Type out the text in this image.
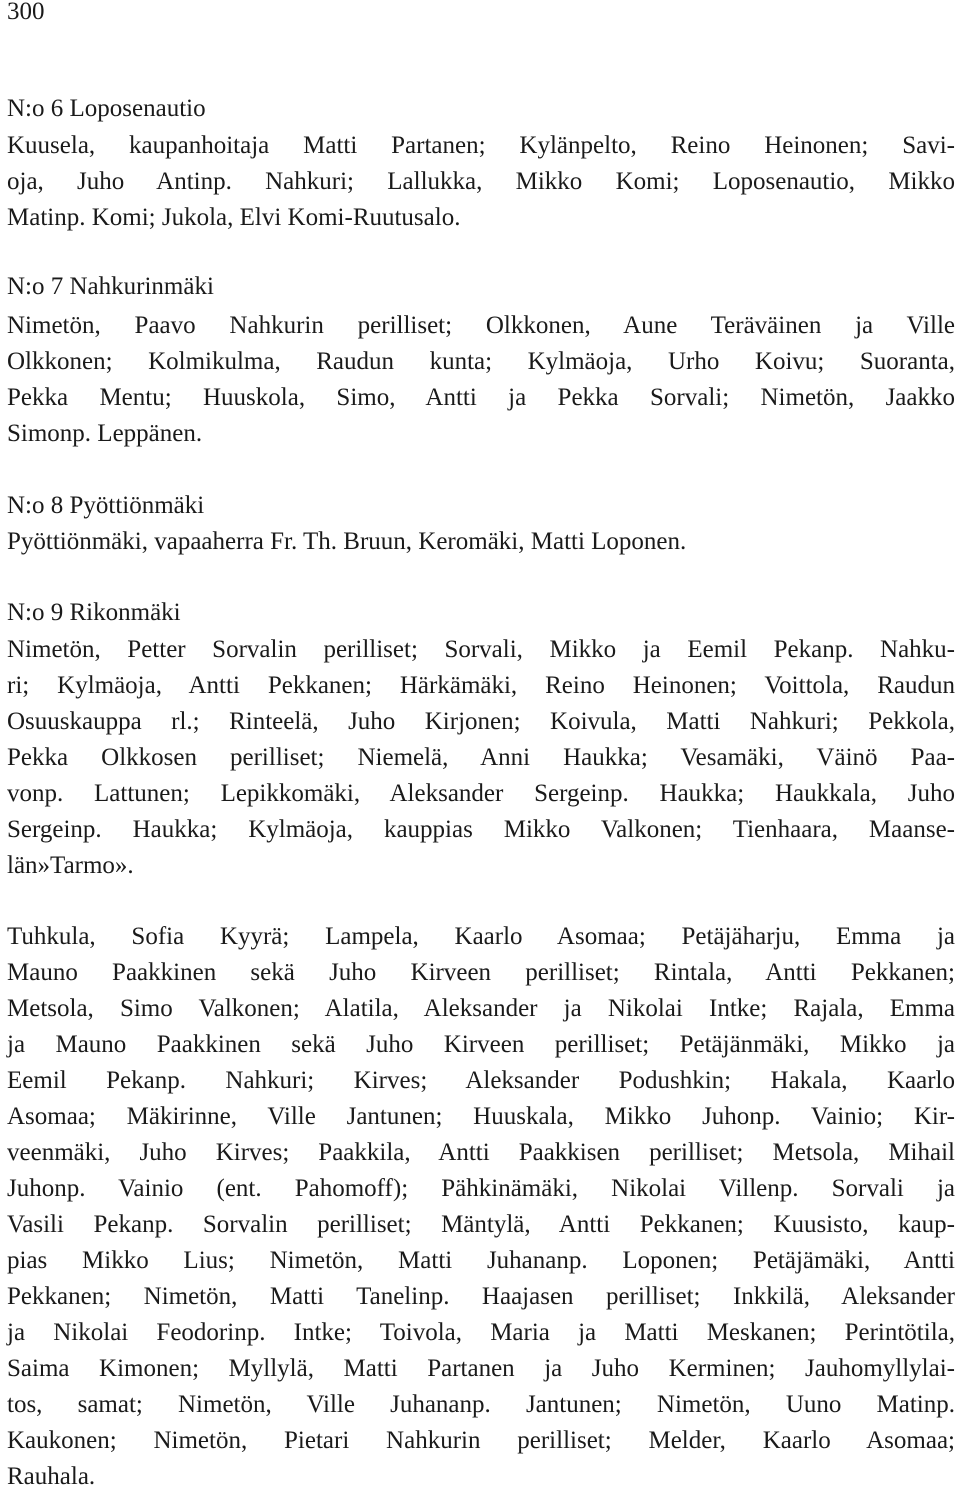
300
N:o 6 Loposenautio
Kuusela, kaupanhoitaja Matti Partanen; Kylänpelto, Reino Heinonen; Savi-
oja, Juho Antinp. Nahkuri; Lallukka, Mikko Komi; Loposenautio, Mikko
Matinp. Komi; Jukola, Elvi Komi-Ruutusalo.
N:o 7 Nahkurinmäki
Nimetön, Paavo Nahkurin perilliset; Olkkonen, Aune Teräväinen ja Ville
Olkkonen; Kolmikulma, Raudun kunta; Kylmäoja, Urho Koivu; Suoranta,
Pekka Mentu; Huuskola, Simo, Antti ja Pekka Sorvali; Nimetön, Jaakko
Simonp. Leppänen.
N:o 8 Pyöttiönmäki
Pyöttiönmäki, vapaaherra Fr. Th. Bruun, Keromäki, Matti Loponen.
N:o 9 Rikonmäki
Nimetön, Petter Sorvalin perilliset; Sorvali, Mikko ja Eemil Pekanp. Nahku-
ri; Kylmäoja, Antti Pekkanen; Härkämäki, Reino Heinonen; Voittola, Raudun
Osuuskauppa rl.; Rinteelä, Juho Kirjonen; Koivula, Matti Nahkuri; Pekkola,
Pekka Olkkosen perilliset; Niemelä, Anni Haukka; Vesamäki, Väinö Paa-
vonp. Lattunen; Lepikkomäki, Aleksander Sergeinp. Haukka; Haukkala, Juho
Sergeinp. Haukka; Kylmäoja, kauppias Mikko Valkonen; Tienhaara, Maanse-
län»Tarmo».
Tuhkula, Sofia Kyyrä; Lampela, Kaarlo Asomaa; Petäjäharju, Emma ja
Mauno Paakkinen sekä Juho Kirveen perilliset; Rintala, Antti Pekkanen;
Metsola, Simo Valkonen; Alatila, Aleksander ja Nikolai Intke; Rajala, Emma
ja Mauno Paakkinen sekä Juho Kirveen perilliset; Petäjänmäki, Mikko ja
Eemil Pekanp. Nahkuri; Kirves; Aleksander Podushkin; Hakala, Kaarlo
Asomaa; Mäkirinne, Ville Jantunen; Huuskala, Mikko Juhonp. Vainio; Kir-
veenmäki, Juho Kirves; Paakkila, Antti Paakkisen perilliset; Metsola, Mihail
Juhonp. Vainio (ent. Pahomoff); Pähkinämäki, Nikolai Villenp. Sorvali ja
Vasili Pekanp. Sorvalin perilliset; Mäntylä, Antti Pekkanen; Kuusisto, kaup-
pias Mikko Lius; Nimetön, Matti Juhananp. Loponen; Petäjämäki, Antti
Pekkanen; Nimetön, Matti Tanelinp. Haajasen perilliset; Inkkilä, Aleksander
ja Nikolai Feodorinp. Intke; Toivola, Maria ja Matti Meskanen; Perintötila,
Saima Kimonen; Myllylä, Matti Partanen ja Juho Kerminen; Jauhomyllylai-
tos, samat; Nimetön, Ville Juhananp. Jantunen; Nimetön, Uuno Matinp.
Kaukonen; Nimetön, Pietari Nahkurin perilliset; Melder, Kaarlo Asomaa;
Rauhala.
